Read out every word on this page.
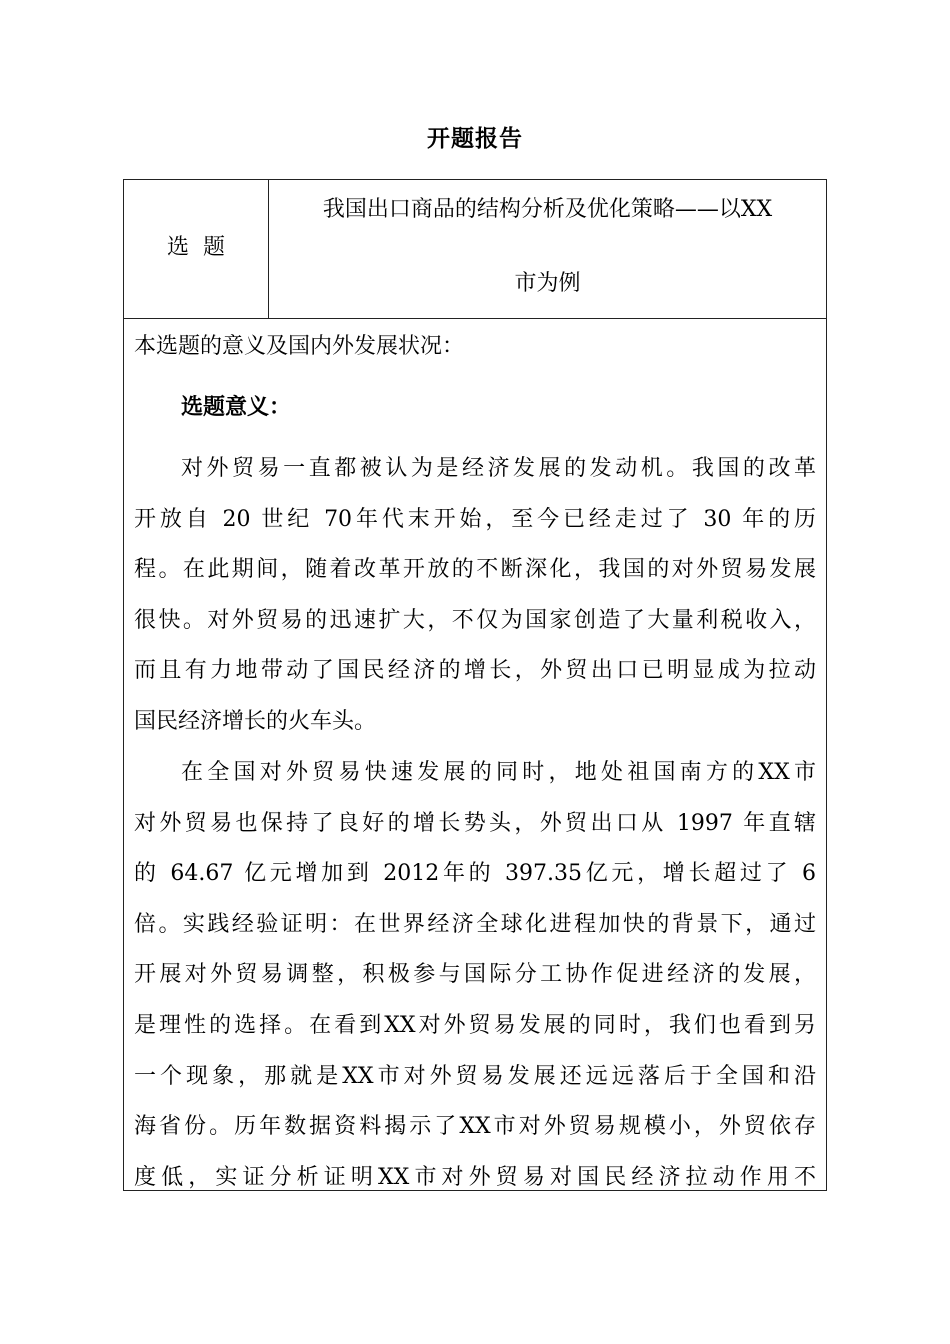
开题报告
选  题
我国出口商品的结构分析及优化策略——以XX
市为例
本选题的意义及国内外发展状况：
选题意义：
对外贸易一直都被认为是经济发展的发动机。我国的改革
开放自 20 世纪 70年代末开始，至今已经走过了 30 年的历
程。在此期间，随着改革开放的不断深化，我国的对外贸易发展
很快。对外贸易的迅速扩大，不仅为国家创造了大量利税收入，
而且有力地带动了国民经济的增长，外贸出口已明显成为拉动
国民经济增长的火车头。
在全国对外贸易快速发展的同时，地处祖国南方的XX市
对外贸易也保持了良好的增长势头，外贸出口从 1997 年直辖
的 64.67 亿元增加到 2012年的 397.35亿元，增长超过了 6
倍。实践经验证明：在世界经济全球化进程加快的背景下，通过
开展对外贸易调整，积极参与国际分工协作促进经济的发展，
是理性的选择。在看到XX对外贸易发展的同时，我们也看到另
一个现象，那就是XX市对外贸易发展还远远落后于全国和沿
海省份。历年数据资料揭示了XX市对外贸易规模小，外贸依存
度低，实证分析证明XX市对外贸易对国民经济拉动作用不
